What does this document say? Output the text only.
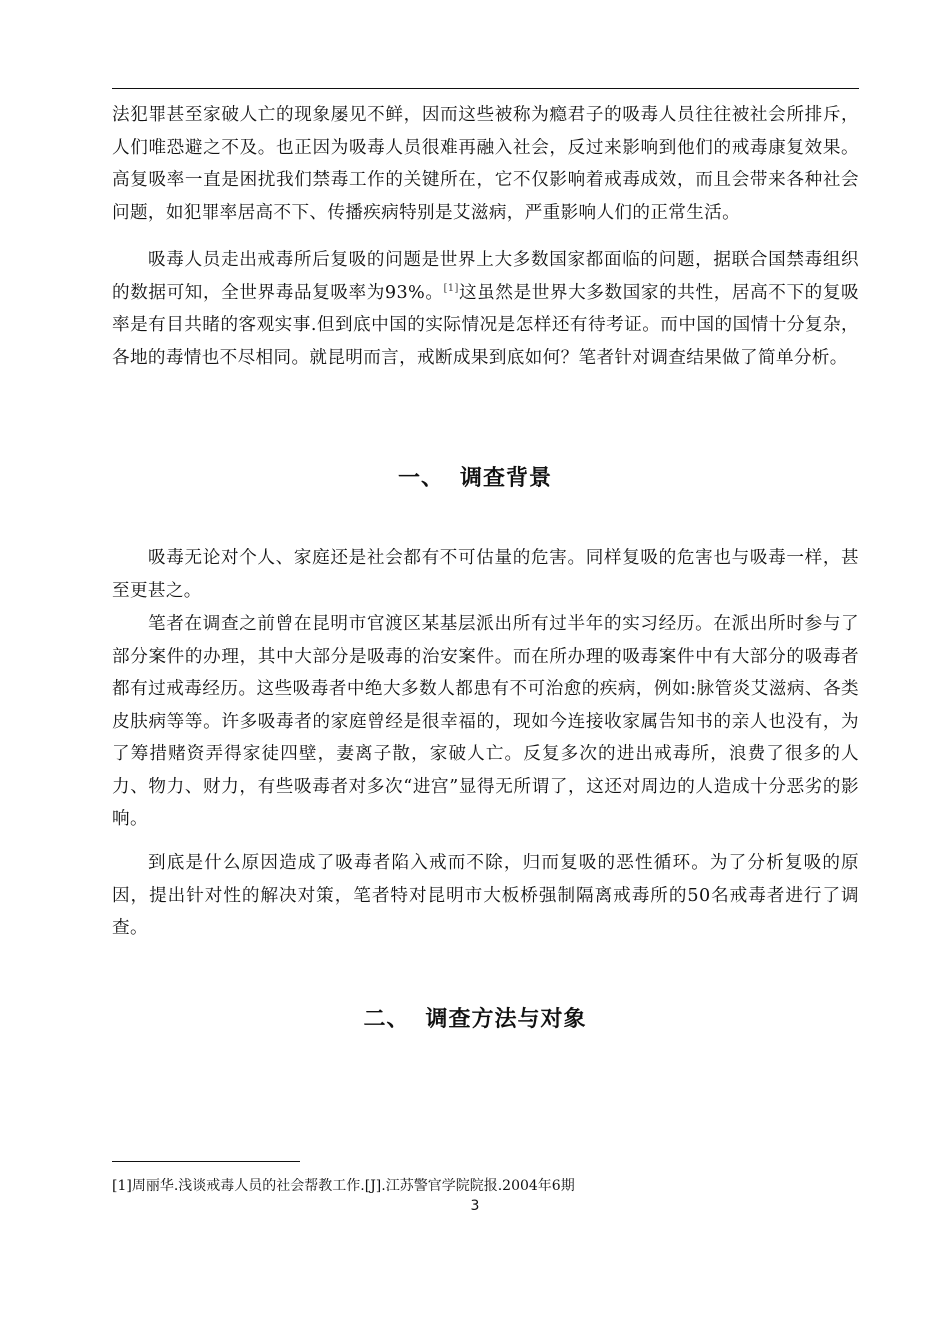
法犯罪甚至家破人亡的现象屡见不鲜，因而这些被称为瘾君子的吸毒人员往往被社会所排斥，人们唯恐避之不及。也正因为吸毒人员很难再融入社会，反过来影响到他们的戒毒康复效果。高复吸率一直是困扰我们禁毒工作的关键所在，它不仅影响着戒毒成效，而且会带来各种社会问题，如犯罪率居高不下、传播疾病特别是艾滋病，严重影响人们的正常生活。

吸毒人员走出戒毒所后复吸的问题是世界上大多数国家都面临的问题，据联合国禁毒组织的数据可知，全世界毒品复吸率为93%。[1]这虽然是世界大多数国家的共性，居高不下的复吸率是有目共睹的客观实事.但到底中国的实际情况是怎样还有待考证。而中国的国情十分复杂，各地的毒情也不尽相同。就昆明而言，戒断成果到底如何？笔者针对调查结果做了简单分析。

一、 调查背景

吸毒无论对个人、家庭还是社会都有不可估量的危害。同样复吸的危害也与吸毒一样，甚至更甚之。

笔者在调查之前曾在昆明市官渡区某基层派出所有过半年的实习经历。在派出所时参与了部分案件的办理，其中大部分是吸毒的治安案件。而在所办理的吸毒案件中有大部分的吸毒者都有过戒毒经历。这些吸毒者中绝大多数人都患有不可治愈的疾病，例如:脉管炎艾滋病、各类皮肤病等等。许多吸毒者的家庭曾经是很幸福的，现如今连接收家属告知书的亲人也没有，为了筹措赌资弄得家徒四壁，妻离子散，家破人亡。反复多次的进出戒毒所，浪费了很多的人力、物力、财力，有些吸毒者对多次“进宫”显得无所谓了，这还对周边的人造成十分恶劣的影响。

到底是什么原因造成了吸毒者陷入戒而不除，归而复吸的恶性循环。为了分析复吸的原因，提出针对性的解决对策，笔者特对昆明市大板桥强制隔离戒毒所的50名戒毒者进行了调查。

二、 调查方法与对象
[1]周丽华.浅谈戒毒人员的社会帮教工作.[J].江苏警官学院院报.2004年6期
3
